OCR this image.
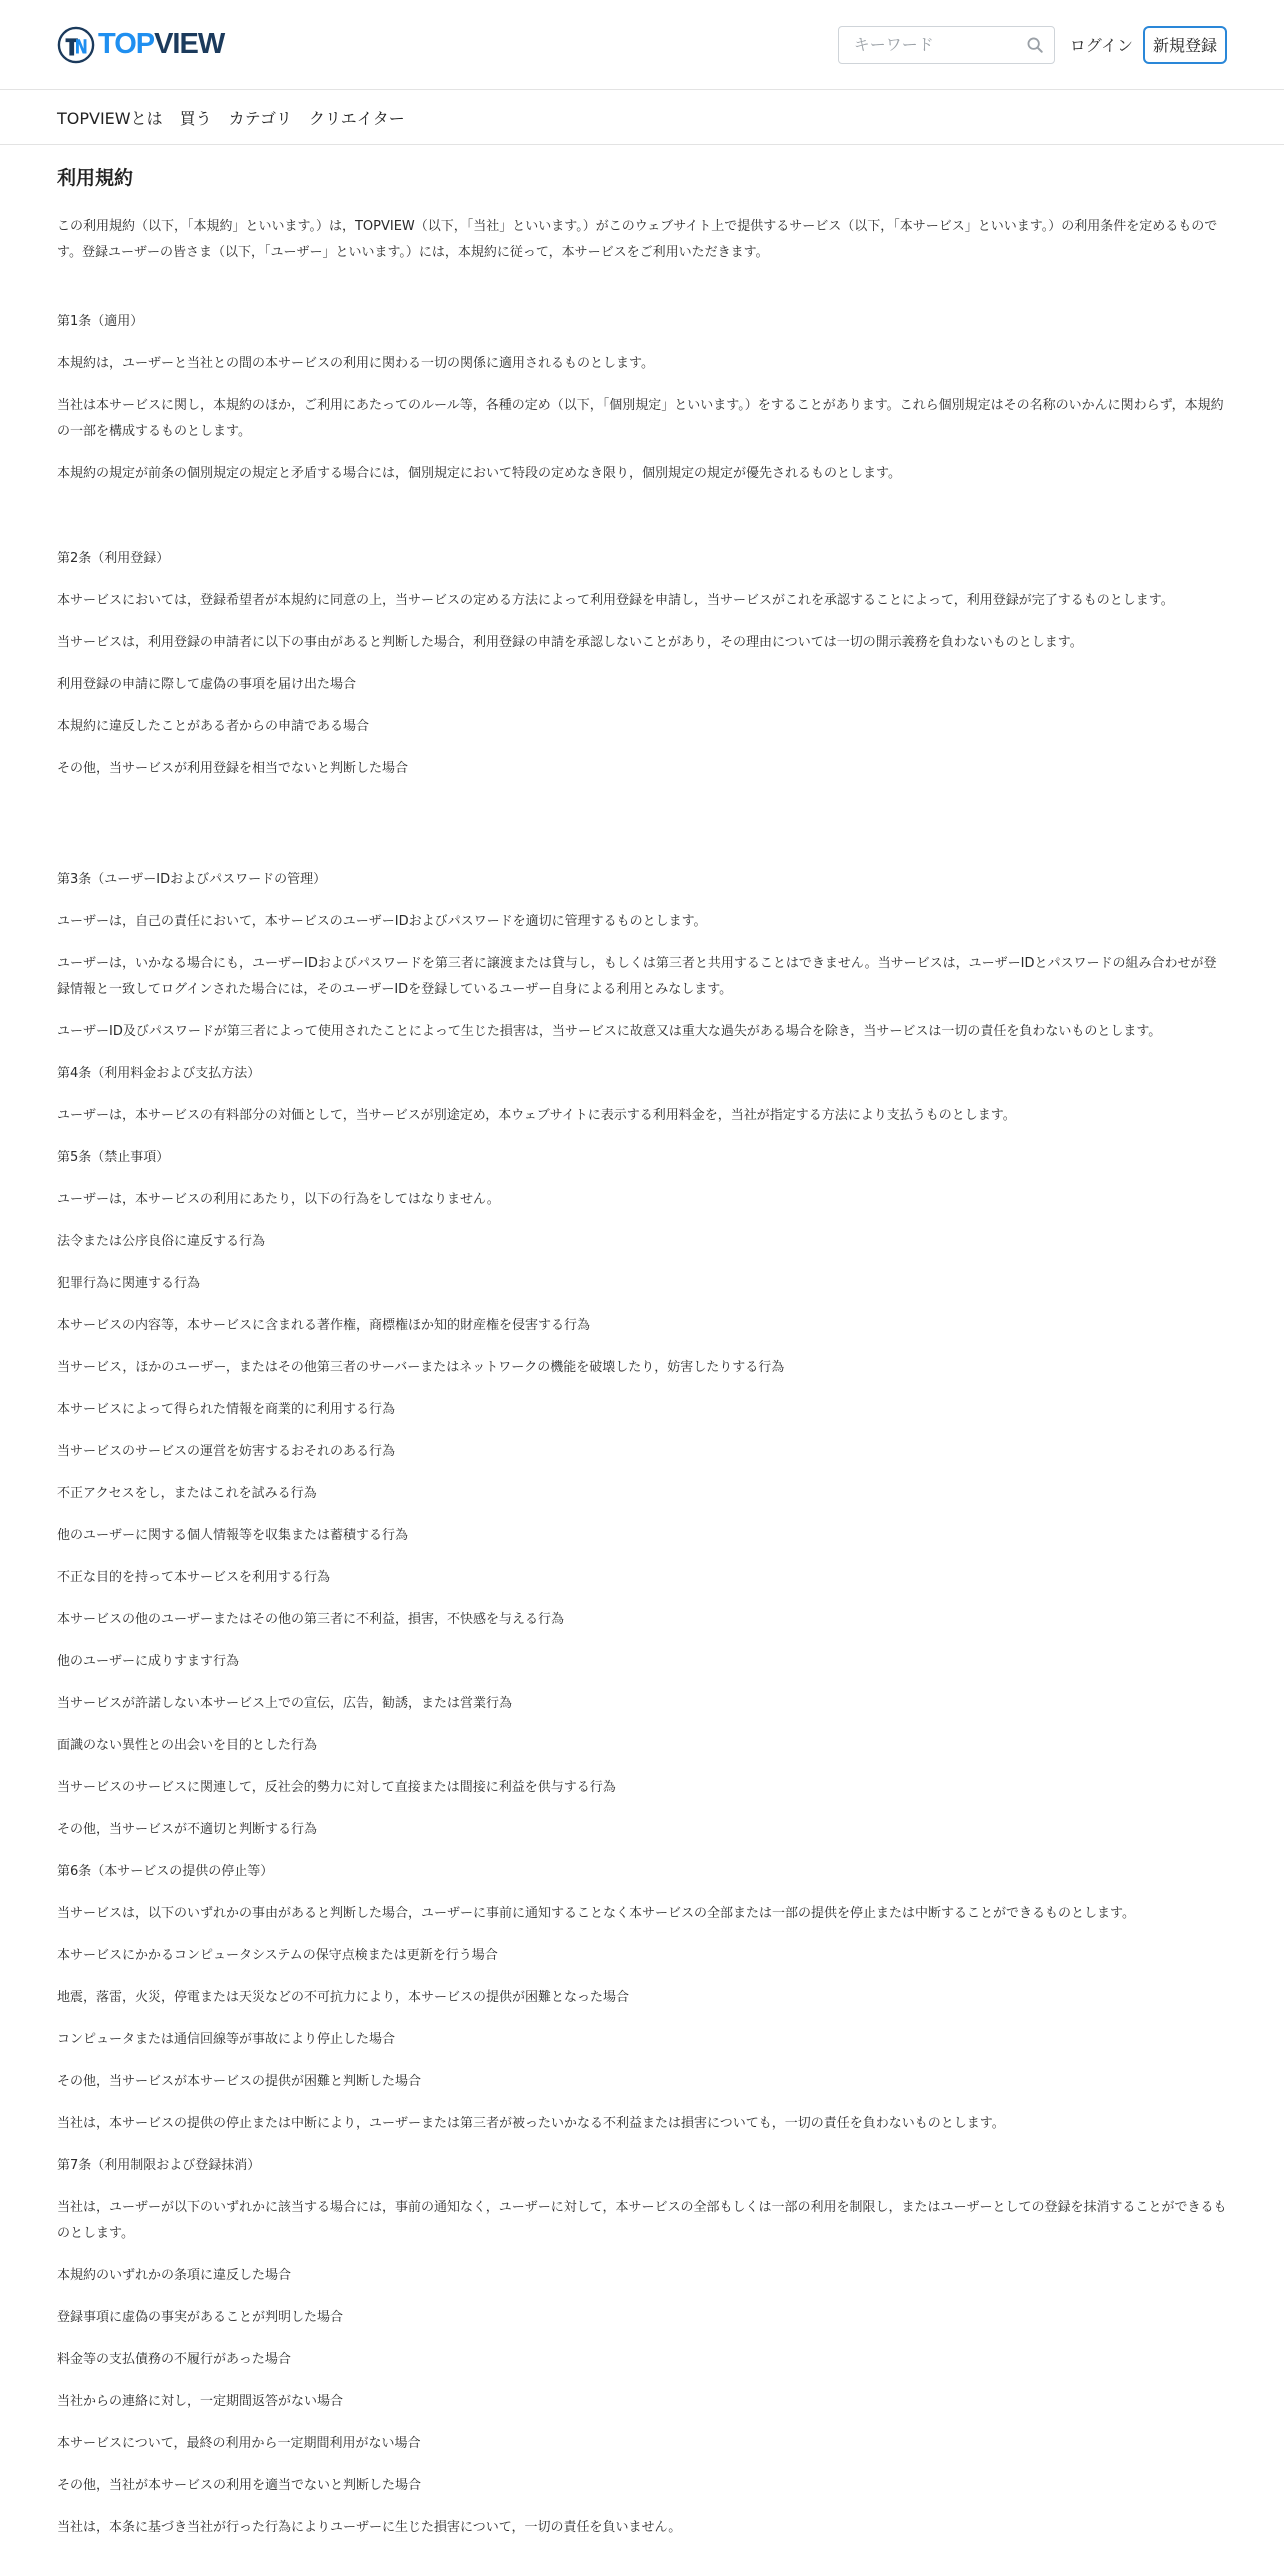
TOPVIEW
キーワード	ログイン	新規登録
TOPVIEWとは 買う カテゴリ クリエイター
利用規約

この利用規約（以下，「本規約」といいます。）は，TOPVIEW（以下，「当社」といいます。）がこのウェブサイト上で提供するサービス（以下，「本サービス」といいます。）の利用条件を定めるものです。登録ユーザーの皆さま（以下，「ユーザー」といいます。）には，本規約に従って，本サービスをご利用いただきます。

第1条（適用）

本規約は，ユーザーと当社との間の本サービスの利用に関わる一切の関係に適用されるものとします。

当社は本サービスに関し，本規約のほか，ご利用にあたってのルール等，各種の定め（以下，「個別規定」といいます。）をすることがあります。これら個別規定はその名称のいかんに関わらず，本規約の一部を構成するものとします。

本規約の規定が前条の個別規定の規定と矛盾する場合には，個別規定において特段の定めなき限り，個別規定の規定が優先されるものとします。

第2条（利用登録）

本サービスにおいては，登録希望者が本規約に同意の上，当サービスの定める方法によって利用登録を申請し，当サービスがこれを承認することによって，利用登録が完了するものとします。

当サービスは，利用登録の申請者に以下の事由があると判断した場合，利用登録の申請を承認しないことがあり，その理由については一切の開示義務を負わないものとします。

利用登録の申請に際して虚偽の事項を届け出た場合

本規約に違反したことがある者からの申請である場合

その他，当サービスが利用登録を相当でないと判断した場合

第3条（ユーザーIDおよびパスワードの管理）

ユーザーは，自己の責任において，本サービスのユーザーIDおよびパスワードを適切に管理するものとします。

ユーザーは，いかなる場合にも，ユーザーIDおよびパスワードを第三者に譲渡または貸与し，もしくは第三者と共用することはできません。当サービスは，ユーザーIDとパスワードの組み合わせが登録情報と一致してログインされた場合には，そのユーザーIDを登録しているユーザー自身による利用とみなします。

ユーザーID及びパスワードが第三者によって使用されたことによって生じた損害は，当サービスに故意又は重大な過失がある場合を除き，当サービスは一切の責任を負わないものとします。

第4条（利用料金および支払方法）

ユーザーは，本サービスの有料部分の対価として，当サービスが別途定め，本ウェブサイトに表示する利用料金を，当社が指定する方法により支払うものとします。

第5条（禁止事項）

ユーザーは，本サービスの利用にあたり，以下の行為をしてはなりません。

法令または公序良俗に違反する行為

犯罪行為に関連する行為

本サービスの内容等，本サービスに含まれる著作権，商標権ほか知的財産権を侵害する行為

当サービス，ほかのユーザー，またはその他第三者のサーバーまたはネットワークの機能を破壊したり，妨害したりする行為

本サービスによって得られた情報を商業的に利用する行為

当サービスのサービスの運営を妨害するおそれのある行為

不正アクセスをし，またはこれを試みる行為

他のユーザーに関する個人情報等を収集または蓄積する行為

不正な目的を持って本サービスを利用する行為

本サービスの他のユーザーまたはその他の第三者に不利益，損害，不快感を与える行為

他のユーザーに成りすます行為

当サービスが許諾しない本サービス上での宣伝，広告，勧誘，または営業行為

面識のない異性との出会いを目的とした行為

当サービスのサービスに関連して，反社会的勢力に対して直接または間接に利益を供与する行為

その他，当サービスが不適切と判断する行為

第6条（本サービスの提供の停止等）

当サービスは，以下のいずれかの事由があると判断した場合，ユーザーに事前に通知することなく本サービスの全部または一部の提供を停止または中断することができるものとします。

本サービスにかかるコンピュータシステムの保守点検または更新を行う場合

地震，落雷，火災，停電または天災などの不可抗力により，本サービスの提供が困難となった場合

コンピュータまたは通信回線等が事故により停止した場合

その他，当サービスが本サービスの提供が困難と判断した場合

当社は，本サービスの提供の停止または中断により，ユーザーまたは第三者が被ったいかなる不利益または損害についても，一切の責任を負わないものとします。

第7条（利用制限および登録抹消）

当社は，ユーザーが以下のいずれかに該当する場合には，事前の通知なく，ユーザーに対して，本サービスの全部もしくは一部の利用を制限し，またはユーザーとしての登録を抹消することができるものとします。

本規約のいずれかの条項に違反した場合

登録事項に虚偽の事実があることが判明した場合

料金等の支払債務の不履行があった場合

当社からの連絡に対し，一定期間返答がない場合

本サービスについて，最終の利用から一定期間利用がない場合

その他，当社が本サービスの利用を適当でないと判断した場合

当社は，本条に基づき当社が行った行為によりユーザーに生じた損害について，一切の責任を負いません。
